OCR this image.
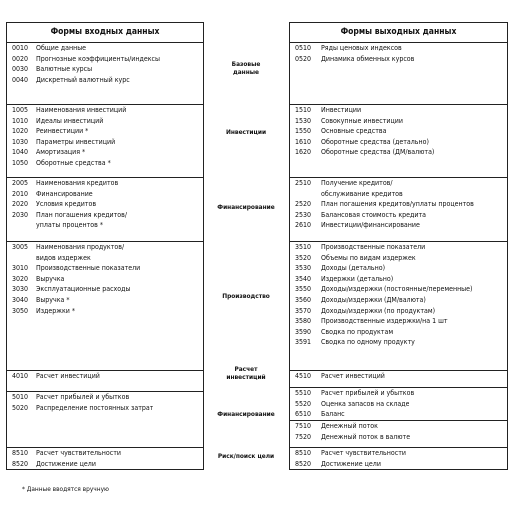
Формы входных данных
0010	Общие данные
0020	Прогнозные коэффициенты/индексы
0030	Валютные курсы
0040	Дискретный валютный курс
1005	Наименования инвестиций
1010	Идеалы инвестиций
1020	Реинвестиции *
1030	Параметры инвестиций
1040	Амортизация *
1050	Оборотные средства *
2005	Наименования кредитов
2010	Финансирование
2020	Условия кредитов
2030	План погашения кредитов/
уплаты процентов *
3005	Наименования продуктов/
видов издержек
3010	Производственные показатели
3020	Выручка
3030	Эксплуатационные расходы
3040	Выручка *
3050	Издержки *
4010	Расчет инвестиций
5010	Расчет прибылей и убытков
5020	Распределение постоянных затрат
8510	Расчет чувствительности
8520	Достижение цели
Формы выходных данных
0510	Ряды ценовых индексов
0520	Динамика обменных курсов
1510	Инвестиции
1530	Совокупные инвестиции
1550	Основные средства
1610	Оборотные средства (детально)
1620	Оборотные средства (ДМ/валюта)
2510	Получение кредитов/
обслуживание кредитов
2520	План погашения кредитов/уплаты процентов
2530	Балансовая стоимость кредита
2610	Инвестиции/финансирование
3510	Производственные показатели
3520	Объемы по видам издержек
3530	Доходы (детально)
3540	Издержки (детально)
3550	Доходы/издержки (постоянные/переменные)
3560	Доходы/издержки (ДМ/валюта)
3570	Доходы/издержки (по продуктам)
3580	Производственные издержки/на 1 шт
3590	Сводка по продуктам
3591	Сводка по одному продукту
4510	Расчет инвестиций
5510	Расчет прибылей и убытков
5520	Оценка запасов на складе
6510	Баланс
7510	Денежный поток
7520	Денежный поток в валюте
8510	Расчет чувствительности
8520	Достижение цели
Базовые
данные
Инвестиции
Финансирование
Производство
Расчет
инвестиций
Финансирование
Риск/поиск цели
* Данные вводятся вручную
